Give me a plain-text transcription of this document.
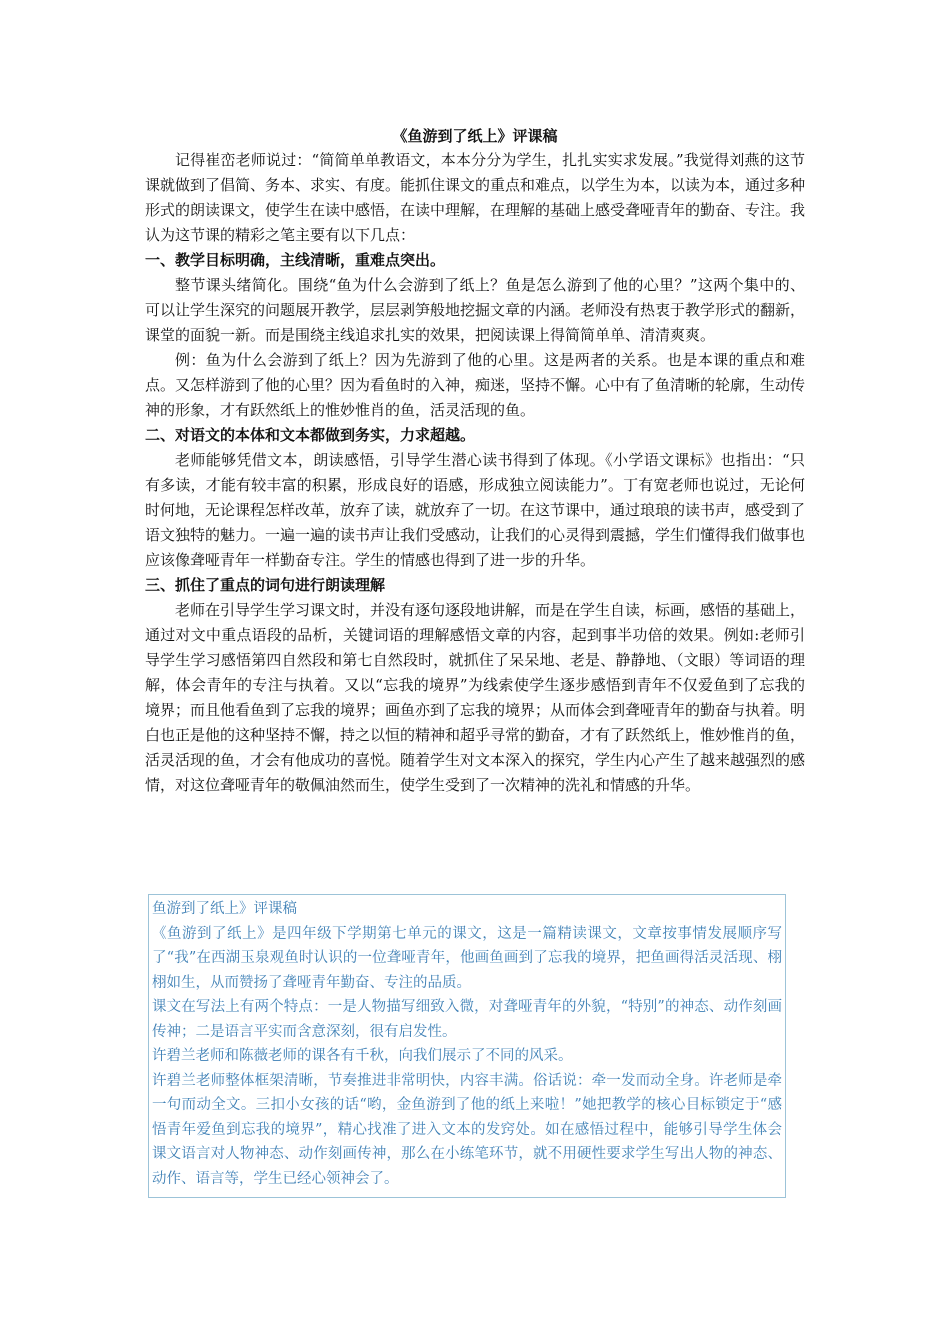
《鱼游到了纸上》评课稿

记得崔峦老师说过：“简简单单教语文，本本分分为学生，扎扎实实求发展。”我觉得刘燕的这节课就做到了倡简、务本、求实、有度。能抓住课文的重点和难点，以学生为本，以读为本，通过多种形式的朗读课文，使学生在读中感悟，在读中理解，在理解的基础上感受聋哑青年的勤奋、专注。我认为这节课的精彩之笔主要有以下几点：

一、教学目标明确，主线清晰，重难点突出。

整节课头绪简化。围绕“鱼为什么会游到了纸上？鱼是怎么游到了他的心里？”这两个集中的、可以让学生深究的问题展开教学，层层剥笋般地挖掘文章的内涵。老师没有热衷于教学形式的翻新，课堂的面貌一新。而是围绕主线追求扎实的效果，把阅读课上得简简单单、清清爽爽。

例：鱼为什么会游到了纸上？因为先游到了他的心里。这是两者的关系。也是本课的重点和难点。又怎样游到了他的心里？因为看鱼时的入神，痴迷，坚持不懈。心中有了鱼清晰的轮廓，生动传神的形象，才有跃然纸上的惟妙惟肖的鱼，活灵活现的鱼。

二、对语文的本体和文本都做到务实，力求超越。

老师能够凭借文本，朗读感悟，引导学生潜心读书得到了体现。《小学语文课标》也指出：“只有多读，才能有较丰富的积累，形成良好的语感，形成独立阅读能力”。丁有宽老师也说过，无论何时何地，无论课程怎样改革，放弃了读，就放弃了一切。在这节课中，通过琅琅的读书声，感受到了语文独特的魅力。一遍一遍的读书声让我们受感动，让我们的心灵得到震撼，学生们懂得我们做事也应该像聋哑青年一样勤奋专注。学生的情感也得到了进一步的升华。

三、抓住了重点的词句进行朗读理解

老师在引导学生学习课文时，并没有逐句逐段地讲解，而是在学生自读，标画，感悟的基础上，通过对文中重点语段的品析，关键词语的理解感悟文章的内容，起到事半功倍的效果。例如:老师引导学生学习感悟第四自然段和第七自然段时，就抓住了呆呆地、老是、静静地、（文眼）等词语的理解，体会青年的专注与执着。又以“忘我的境界”为线索使学生逐步感悟到青年不仅爱鱼到了忘我的境界；而且他看鱼到了忘我的境界；画鱼亦到了忘我的境界；从而体会到聋哑青年的勤奋与执着。明白也正是他的这种坚持不懈，持之以恒的精神和超乎寻常的勤奋，才有了跃然纸上，惟妙惟肖的鱼，活灵活现的鱼，才会有他成功的喜悦。随着学生对文本深入的探究，学生内心产生了越来越强烈的感情，对这位聋哑青年的敬佩油然而生，使学生受到了一次精神的洗礼和情感的升华。

鱼游到了纸上》评课稿

《鱼游到了纸上》是四年级下学期第七单元的课文，这是一篇精读课文，文章按事情发展顺序写了“我”在西湖玉泉观鱼时认识的一位聋哑青年，他画鱼画到了忘我的境界，把鱼画得活灵活现、栩栩如生，从而赞扬了聋哑青年勤奋、专注的品质。

课文在写法上有两个特点：一是人物描写细致入微，对聋哑青年的外貌，“特别”的神态、动作刻画传神；二是语言平实而含意深刻，很有启发性。

许碧兰老师和陈薇老师的课各有千秋，向我们展示了不同的风采。

许碧兰老师整体框架清晰，节奏推进非常明快，内容丰满。俗话说：牵一发而动全身。许老师是牵一句而动全文。三扣小女孩的话“哟，金鱼游到了他的纸上来啦！”她把教学的核心目标锁定于“感悟青年爱鱼到忘我的境界”，精心找准了进入文本的发窍处。如在感悟过程中，能够引导学生体会课文语言对人物神态、动作刻画传神，那么在小练笔环节，就不用硬性要求学生写出人物的神态、动作、语言等，学生已经心领神会了。
